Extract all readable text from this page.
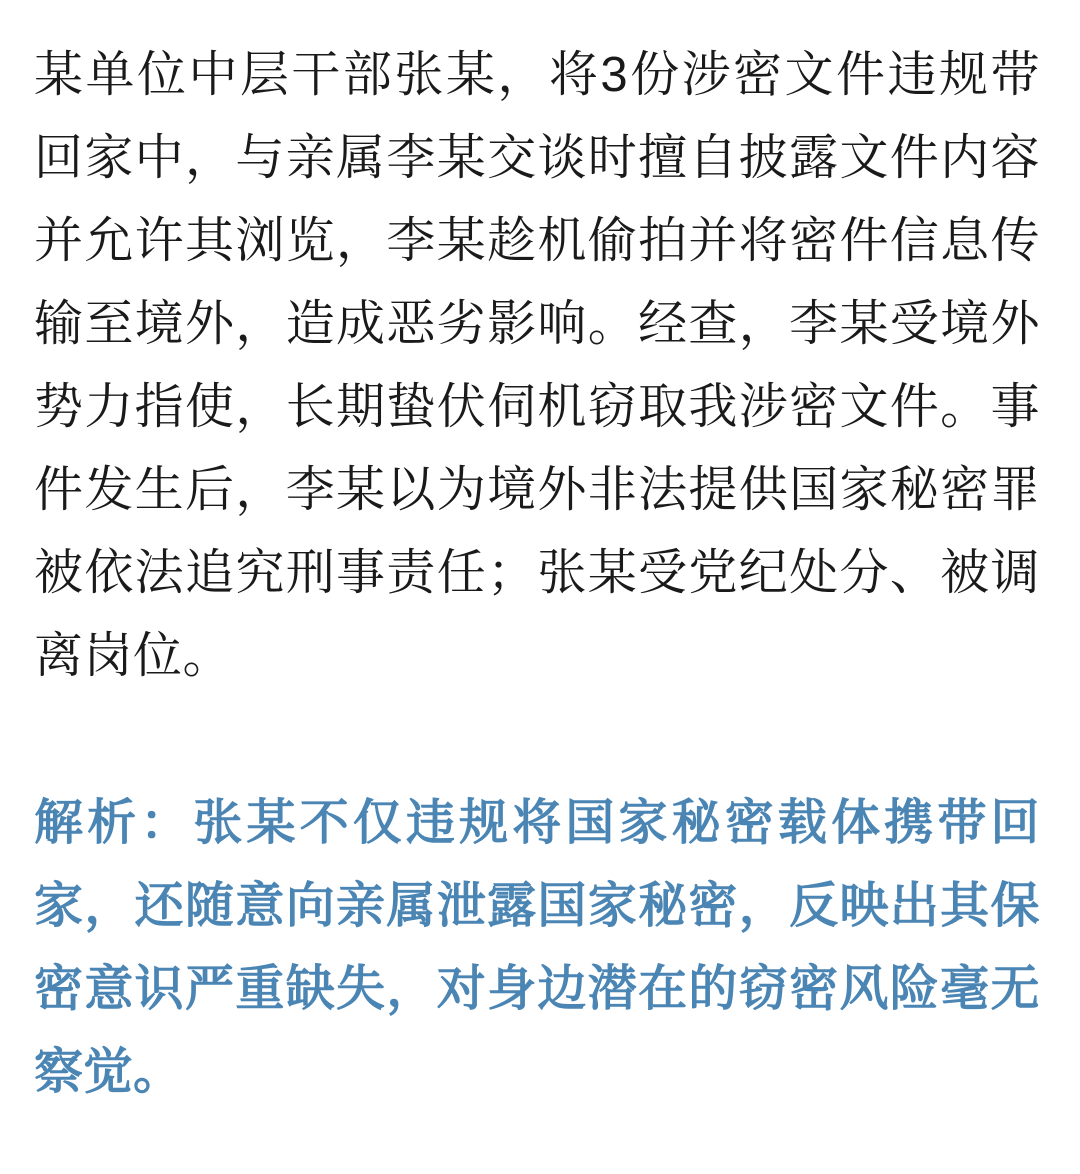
某单位中层干部张某，将3份涉密文件违规带回家中，与亲属李某交谈时擅自披露文件内容并允许其浏览，李某趁机偷拍并将密件信息传输至境外，造成恶劣影响。经查，李某受境外势力指使，长期蛰伏伺机窃取我涉密文件。事件发生后，李某以为境外非法提供国家秘密罪被依法追究刑事责任；张某受党纪处分、被调离岗位。

解析：张某不仅违规将国家秘密载体携带回家，还随意向亲属泄露国家秘密，反映出其保密意识严重缺失，对身边潜在的窃密风险毫无察觉。
